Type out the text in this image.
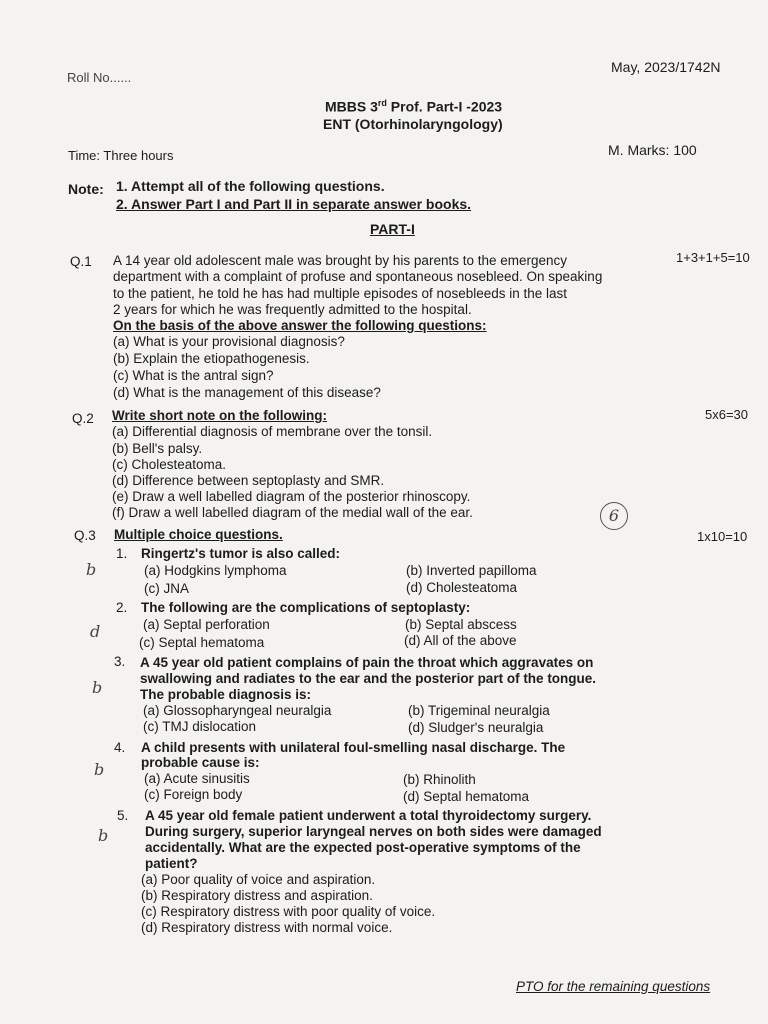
Roll No......
May, 2023/1742N
MBBS 3rd Prof. Part-I -2023
ENT (Otorhinolaryngology)
Time: Three hours	M. Marks: 100
Note: 1. Attempt all of the following questions.
2. Answer Part I and Part II in separate answer books.
PART-I
Q.1	1+3+1+5=10
A 14 year old adolescent male was brought by his parents to the emergency
department with a complaint of profuse and spontaneous nosebleed. On speaking
to the patient, he told he has had multiple episodes of nosebleeds in the last
2 years for which he was frequently admitted to the hospital.
On the basis of the above answer the following questions:
(a) What is your provisional diagnosis?
(b) Explain the etiopathogenesis.
(c) What is the antral sign?
(d) What is the management of this disease?
Q.2	5x6=30
Write short note on the following:
(a) Differential diagnosis of membrane over the tonsil.
(b) Bell's palsy.
(c) Cholesteatoma.
(d) Difference between septoplasty and SMR.
(e) Draw a well labelled diagram of the posterior rhinoscopy.
(f) Draw a well labelled diagram of the medial wall of the ear.	6
Q.3	1x10=10
Multiple choice questions.
1. Ringertz's tumor is also called:
(a) Hodgkins lymphoma	(b) Inverted papilloma
(c) JNA	(d) Cholesteatoma
b
2. The following are the complications of septoplasty:
(a) Septal perforation	(b) Septal abscess
(c) Septal hematoma	(d) All of the above
d
3. A 45 year old patient complains of pain the throat which aggravates on
swallowing and radiates to the ear and the posterior part of the tongue.
The probable diagnosis is:
(a) Glossopharyngeal neuralgia	(b) Trigeminal neuralgia
(c) TMJ dislocation	(d) Sludger's neuralgia
b
4. A child presents with unilateral foul-smelling nasal discharge. The
probable cause is:
(a) Acute sinusitis	(b) Rhinolith
(c) Foreign body	(d) Septal hematoma
b
5. A 45 year old female patient underwent a total thyroidectomy surgery.
During surgery, superior laryngeal nerves on both sides were damaged
accidentally. What are the expected post-operative symptoms of the
patient?
(a) Poor quality of voice and aspiration.
(b) Respiratory distress and aspiration.
(c) Respiratory distress with poor quality of voice.
(d) Respiratory distress with normal voice.
b
PTO for the remaining questions
